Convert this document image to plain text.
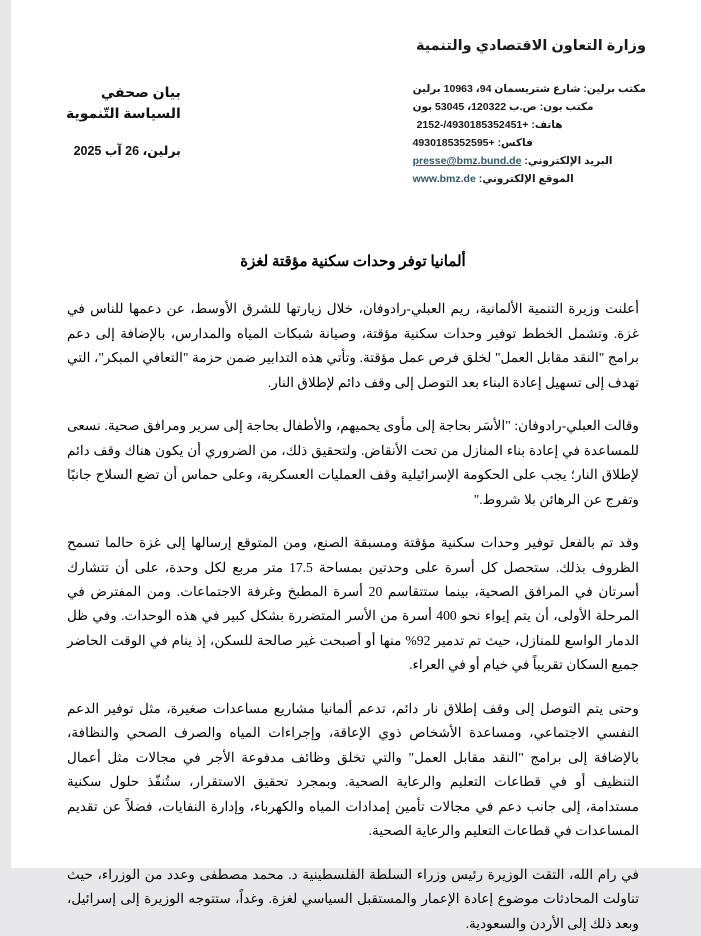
وزارة التعاون الاقتصادي والتنمية
بيان صحفي
السياسة التّنموية
برلين، 26 آب 2025
مكتب برلين: شارع شتريسمان 94، 10963 برلين
مكتب بون: ص.ب 120322، 53045 بون
هاتف: +4930185352451/-2152
فاكس: +4930185352595
البريد الإلكتروني: presse@bmz.bund.de
الموقع الإلكتروني: www.bmz.de
ألمانيا توفر وحدات سكنية مؤقتة لغزة

أعلنت وزيرة التنمية الألمانية، ريم العبلي-رادوفان، خلال زيارتها للشرق الأوسط، عن دعمها للناس في غزة. وتشمل الخطط توفير وحدات سكنية مؤقتة، وصيانة شبكات المياه والمدارس، بالإضافة إلى دعم برامج "النقد مقابل العمل" لخلق فرص عمل مؤقتة. وتأتي هذه التدابير ضمن حزمة "التعافي المبكر"، التي تهدف إلى تسهيل إعادة البناء بعد التوصل إلى وقف دائم لإطلاق النار.

وقالت العبلي-رادوفان: "الأسَر بحاجة إلى مأوى يحميهم، والأطفال بحاجة إلى سرير ومرافق صحية. نسعى للمساعدة في إعادة بناء المنازل من تحت الأنقاض. ولتحقيق ذلك، من الضروري أن يكون هناك وقف دائم لإطلاق النار؛ يجب على الحكومة الإسرائيلية وقف العمليات العسكرية، وعلى حماس أن تضع السلاح جانبًا وتفرج عن الرهائن بلا شروط."

وقد تم بالفعل توفير وحدات سكنية مؤقتة ومسبقة الصنع، ومن المتوقع إرسالها إلى غزة حالما تسمح الظروف بذلك. ستحصل كل أسرة على وحدتين بمساحة 17.5 متر مربع لكل وحدة، على أن تتشارك أسرتان في المرافق الصحية، بينما ستتقاسم 20 أسرة المطبخ وغرفة الاجتماعات. ومن المفترض في المرحلة الأولى، أن يتم إيواء نحو 400 أسرة من الأسر المتضررة بشكل كبير في هذه الوحدات. وفي ظل الدمار الواسع للمنازل، حيث تم تدمير 92% منها أو أصبحت غير صالحة للسكن، إذ ينام في الوقت الحاضر جميع السكان تقريباً في خيام أو في العراء.

وحتى يتم التوصل إلى وقف إطلاق نار دائم، تدعم ألمانيا مشاريع مساعدات صغيرة، مثل توفير الدعم النفسي الاجتماعي، ومساعدة الأشخاص ذوي الإعاقة، وإجراءات المياه والصرف الصحي والنظافة، بالإضافة إلى برامج "النقد مقابل العمل" والتي تخلق وظائف مدفوعة الأجر في مجالات مثل أعمال التنظيف أو في قطاعات التعليم والرعاية الصحية. وبمجرد تحقيق الاستقرار، ستُنفّذ حلول سكنية مستدامة، إلى جانب دعم في مجالات تأمين إمدادات المياه والكهرباء، وإدارة النفايات، فضلاً عن تقديم المساعدات في قطاعات التعليم والرعاية الصحية.

في رام الله، التقت الوزيرة رئيس وزراء السلطة الفلسطينية د. محمد مصطفى وعدد من الوزراء، حيث تناولت المحادثات موضوع إعادة الإعمار والمستقبل السياسي لغزة. وغداً، ستتوجه الوزيرة إلى إسرائيل، وبعد ذلك إلى الأردن والسعودية.
